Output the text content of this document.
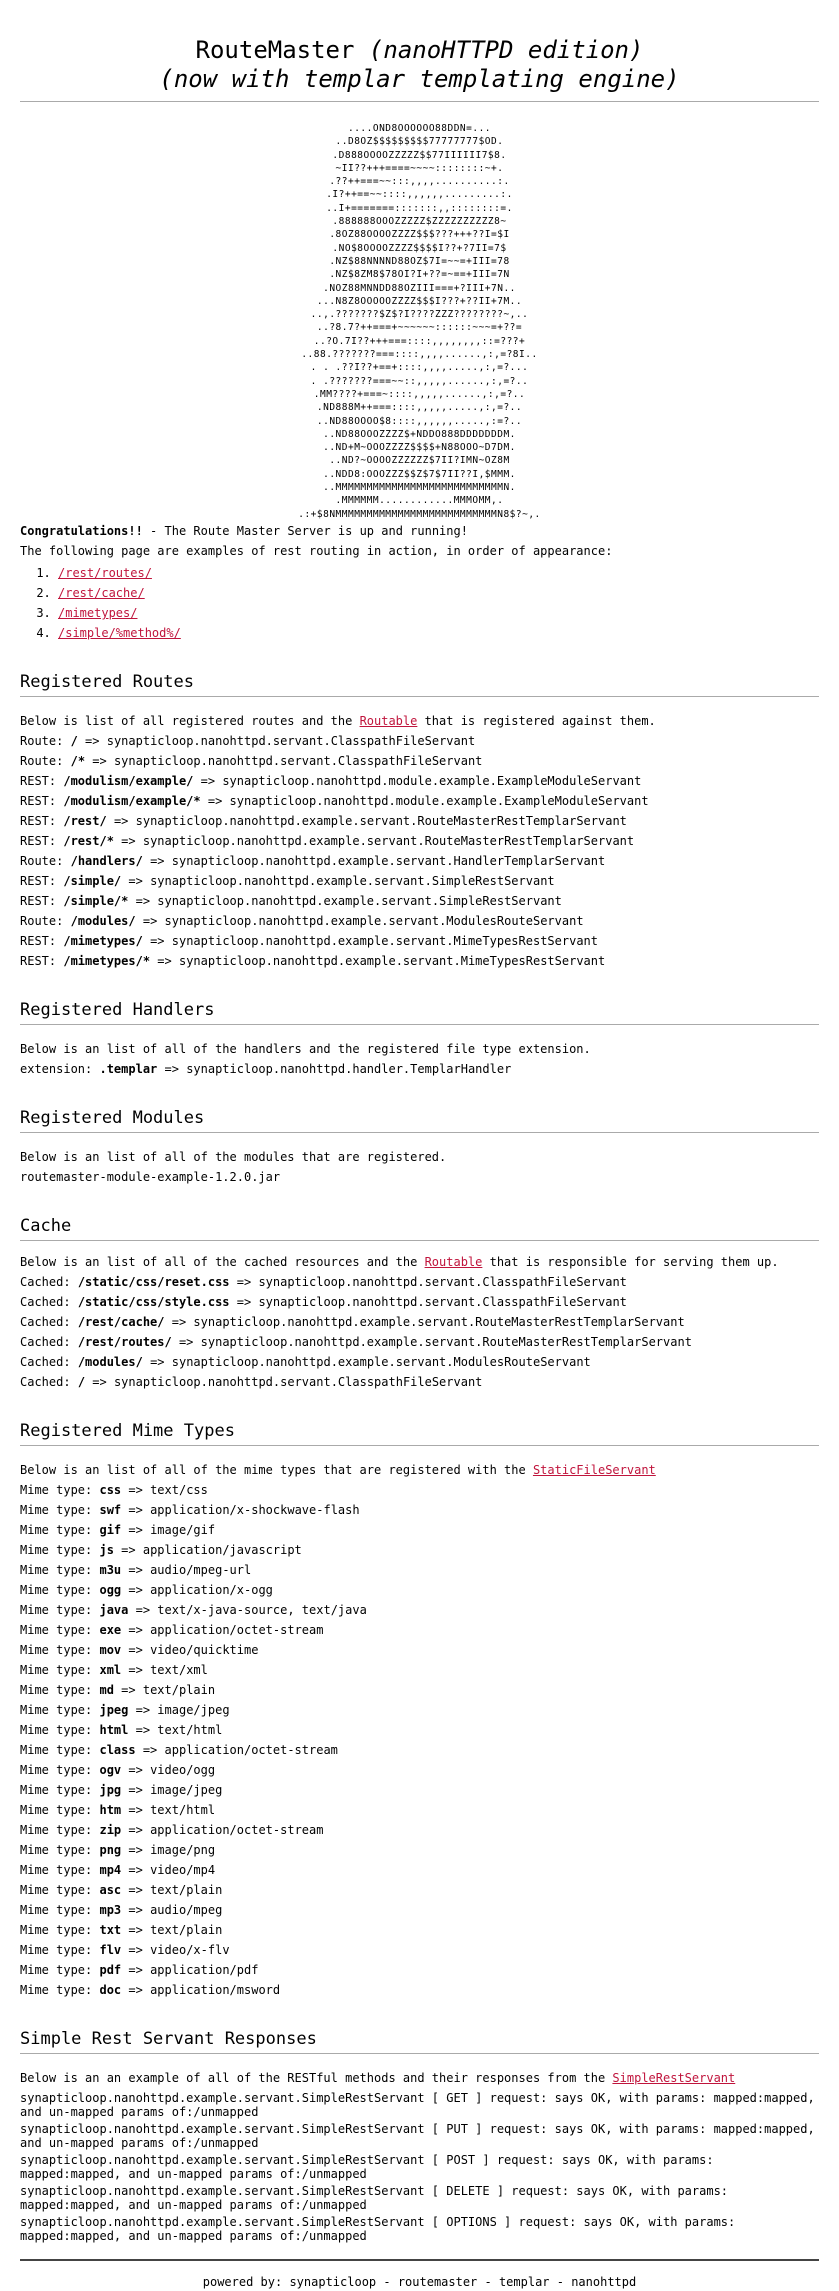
RouteMaster (nanoHTTPD edition)
(now with templar templating engine)
....OND8OOOOOO88DDN=...
..D8OZ$$$$$$$$$77777777$OD.
.D888OOOOZZZZZ$$77IIIIII7$8.
~II??+++====~~~~::::::::~+.
.??++===~~:::,,,,..........:.
.I?++==~~::::,,,,,,.........:.
..I+=======:::::::,,::::::::=.
.888888OOOZZZZZ$ZZZZZZZZZZ8~
.8OZ88OOOOZZZZ$$$???+++??I=$I
.NO$8OOOOZZZZ$$$$I??+?7II=7$
.NZ$88NNNND88OZ$7I=~~=+III=78
.NZ$8ZM8$78OI?I+??=~==+III=7N
.NOZ88MNNDD88OZIII===+?III+7N..
...N8Z8OOOOOZZZZ$$$I???+??II+7M..
..,.???????$Z$?I????ZZZ????????~,..
..?8.7?++===+~~~~~~::::::~~~=+??=
..?O.7I??+++===::::,,,,,,,,::=???+
..88.???????===::::,,,,......,:,=?8I..
. . .??I??+==+::::,,,,.....,:,=?...
. .???????===~~::,,,,,......,:,=?..
.MM????+===~::::,,,,,......,:,=?..
.ND888M++===::::,,,,,.....,:,=?..
..ND88OOOO$8::::,,,,,,.....,:=?..
..ND88OOOZZZZ$+NDDO888DDDDDDDM.
..ND+M~OOOZZZZ$$$$+N88OOO~D7DM.
..ND?~OOOOZZZZZZ$7II?IMN~OZ8M
..NDD8:OOOZZZ$$Z$7$7II??I,$MMM.
..MMMMMMMMMMMMMMMMMMMMMMMMMMMN.
.MMMMMM............MMMOMM,.
.:+$8NMMMMMMMMMMMMMMMMMMMMMMMMMMN8$?~,.

Congratulations!! - The Route Master Server is up and running!

The following page are examples of rest routing in action, in order of appearance:

1. /rest/routes/
2. /rest/cache/
3. /mimetypes/
4. /simple/%method%/
Registered Routes

Below is list of all registered routes and the Routable that is registered against them.

Route: / => synapticloop.nanohttpd.servant.ClasspathFileServant
Route: /* => synapticloop.nanohttpd.servant.ClasspathFileServant
REST: /modulism/example/ => synapticloop.nanohttpd.module.example.ExampleModuleServant
REST: /modulism/example/* => synapticloop.nanohttpd.module.example.ExampleModuleServant
REST: /rest/ => synapticloop.nanohttpd.example.servant.RouteMasterRestTemplarServant
REST: /rest/* => synapticloop.nanohttpd.example.servant.RouteMasterRestTemplarServant
Route: /handlers/ => synapticloop.nanohttpd.example.servant.HandlerTemplarServant
REST: /simple/ => synapticloop.nanohttpd.example.servant.SimpleRestServant
REST: /simple/* => synapticloop.nanohttpd.example.servant.SimpleRestServant
Route: /modules/ => synapticloop.nanohttpd.example.servant.ModulesRouteServant
REST: /mimetypes/ => synapticloop.nanohttpd.example.servant.MimeTypesRestServant
REST: /mimetypes/* => synapticloop.nanohttpd.example.servant.MimeTypesRestServant
Registered Handlers

Below is an list of all of the handlers and the registered file type extension.

extension: .templar => synapticloop.nanohttpd.handler.TemplarHandler
Registered Modules

Below is an list of all of the modules that are registered.

routemaster-module-example-1.2.0.jar
Cache

Below is an list of all of the cached resources and the Routable that is responsible for serving them up.

Cached: /static/css/reset.css => synapticloop.nanohttpd.servant.ClasspathFileServant
Cached: /static/css/style.css => synapticloop.nanohttpd.servant.ClasspathFileServant
Cached: /rest/cache/ => synapticloop.nanohttpd.example.servant.RouteMasterRestTemplarServant
Cached: /rest/routes/ => synapticloop.nanohttpd.example.servant.RouteMasterRestTemplarServant
Cached: /modules/ => synapticloop.nanohttpd.example.servant.ModulesRouteServant
Cached: / => synapticloop.nanohttpd.servant.ClasspathFileServant
Registered Mime Types

Below is an list of all of the mime types that are registered with the StaticFileServant

Mime type: css => text/css
Mime type: swf => application/x-shockwave-flash
Mime type: gif => image/gif
Mime type: js => application/javascript
Mime type: m3u => audio/mpeg-url
Mime type: ogg => application/x-ogg
Mime type: java => text/x-java-source, text/java
Mime type: exe => application/octet-stream
Mime type: mov => video/quicktime
Mime type: xml => text/xml
Mime type: md => text/plain
Mime type: jpeg => image/jpeg
Mime type: html => text/html
Mime type: class => application/octet-stream
Mime type: ogv => video/ogg
Mime type: jpg => image/jpeg
Mime type: htm => text/html
Mime type: zip => application/octet-stream
Mime type: png => image/png
Mime type: mp4 => video/mp4
Mime type: asc => text/plain
Mime type: mp3 => audio/mpeg
Mime type: txt => text/plain
Mime type: flv => video/x-flv
Mime type: pdf => application/pdf
Mime type: doc => application/msword
Simple Rest Servant Responses

Below is an an example of all of the RESTful methods and their responses from the SimpleRestServant

synapticloop.nanohttpd.example.servant.SimpleRestServant [ GET ] request: says OK, with params: mapped:mapped, and un-mapped params of:/unmapped
synapticloop.nanohttpd.example.servant.SimpleRestServant [ PUT ] request: says OK, with params: mapped:mapped, and un-mapped params of:/unmapped
synapticloop.nanohttpd.example.servant.SimpleRestServant [ POST ] request: says OK, with params: mapped:mapped, and un-mapped params of:/unmapped
synapticloop.nanohttpd.example.servant.SimpleRestServant [ DELETE ] request: says OK, with params: mapped:mapped, and un-mapped params of:/unmapped
synapticloop.nanohttpd.example.servant.SimpleRestServant [ OPTIONS ] request: says OK, with params: mapped:mapped, and un-mapped params of:/unmapped
powered by: synapticloop - routemaster - templar - nanohttpd
